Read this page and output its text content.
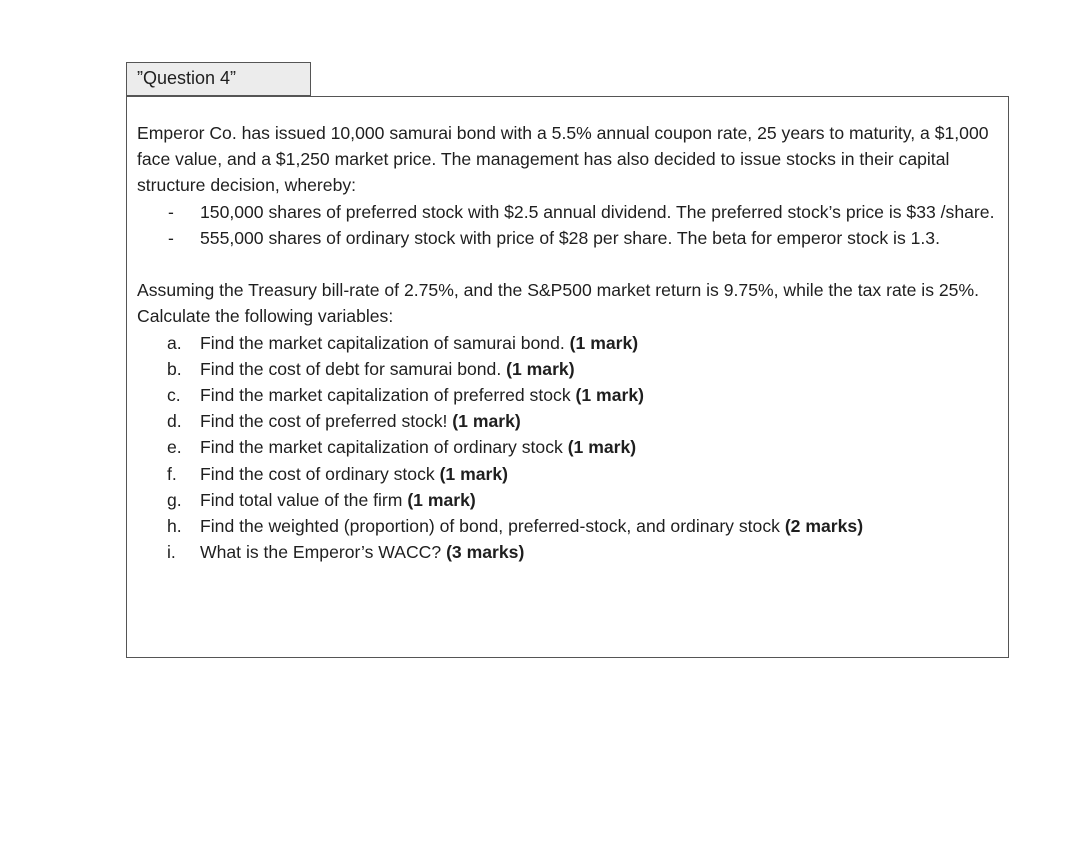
”Question 4”

Emperor Co. has issued 10,000 samurai bond with a 5.5% annual coupon rate, 25 years to maturity, a $1,000 face value, and a $1,250 market price. The management has also decided to issue stocks in their capital structure decision, whereby:

- 150,000 shares of preferred stock with $2.5 annual dividend. The preferred stock’s price is $33 /share.
- 555,000 shares of ordinary stock with price of $28 per share. The beta for emperor stock is 1.3.

Assuming the Treasury bill-rate of 2.75%, and the S&P500 market return is 9.75%, while the tax rate is 25%. Calculate the following variables:

a. Find the market capitalization of samurai bond. (1 mark)
b. Find the cost of debt for samurai bond. (1 mark)
c. Find the market capitalization of preferred stock (1 mark)
d. Find the cost of preferred stock! (1 mark)
e. Find the market capitalization of ordinary stock (1 mark)
f. Find the cost of ordinary stock (1 mark)
g. Find total value of the firm (1 mark)
h. Find the weighted (proportion) of bond, preferred-stock, and ordinary stock (2 marks)
i. What is the Emperor’s WACC? (3 marks)
